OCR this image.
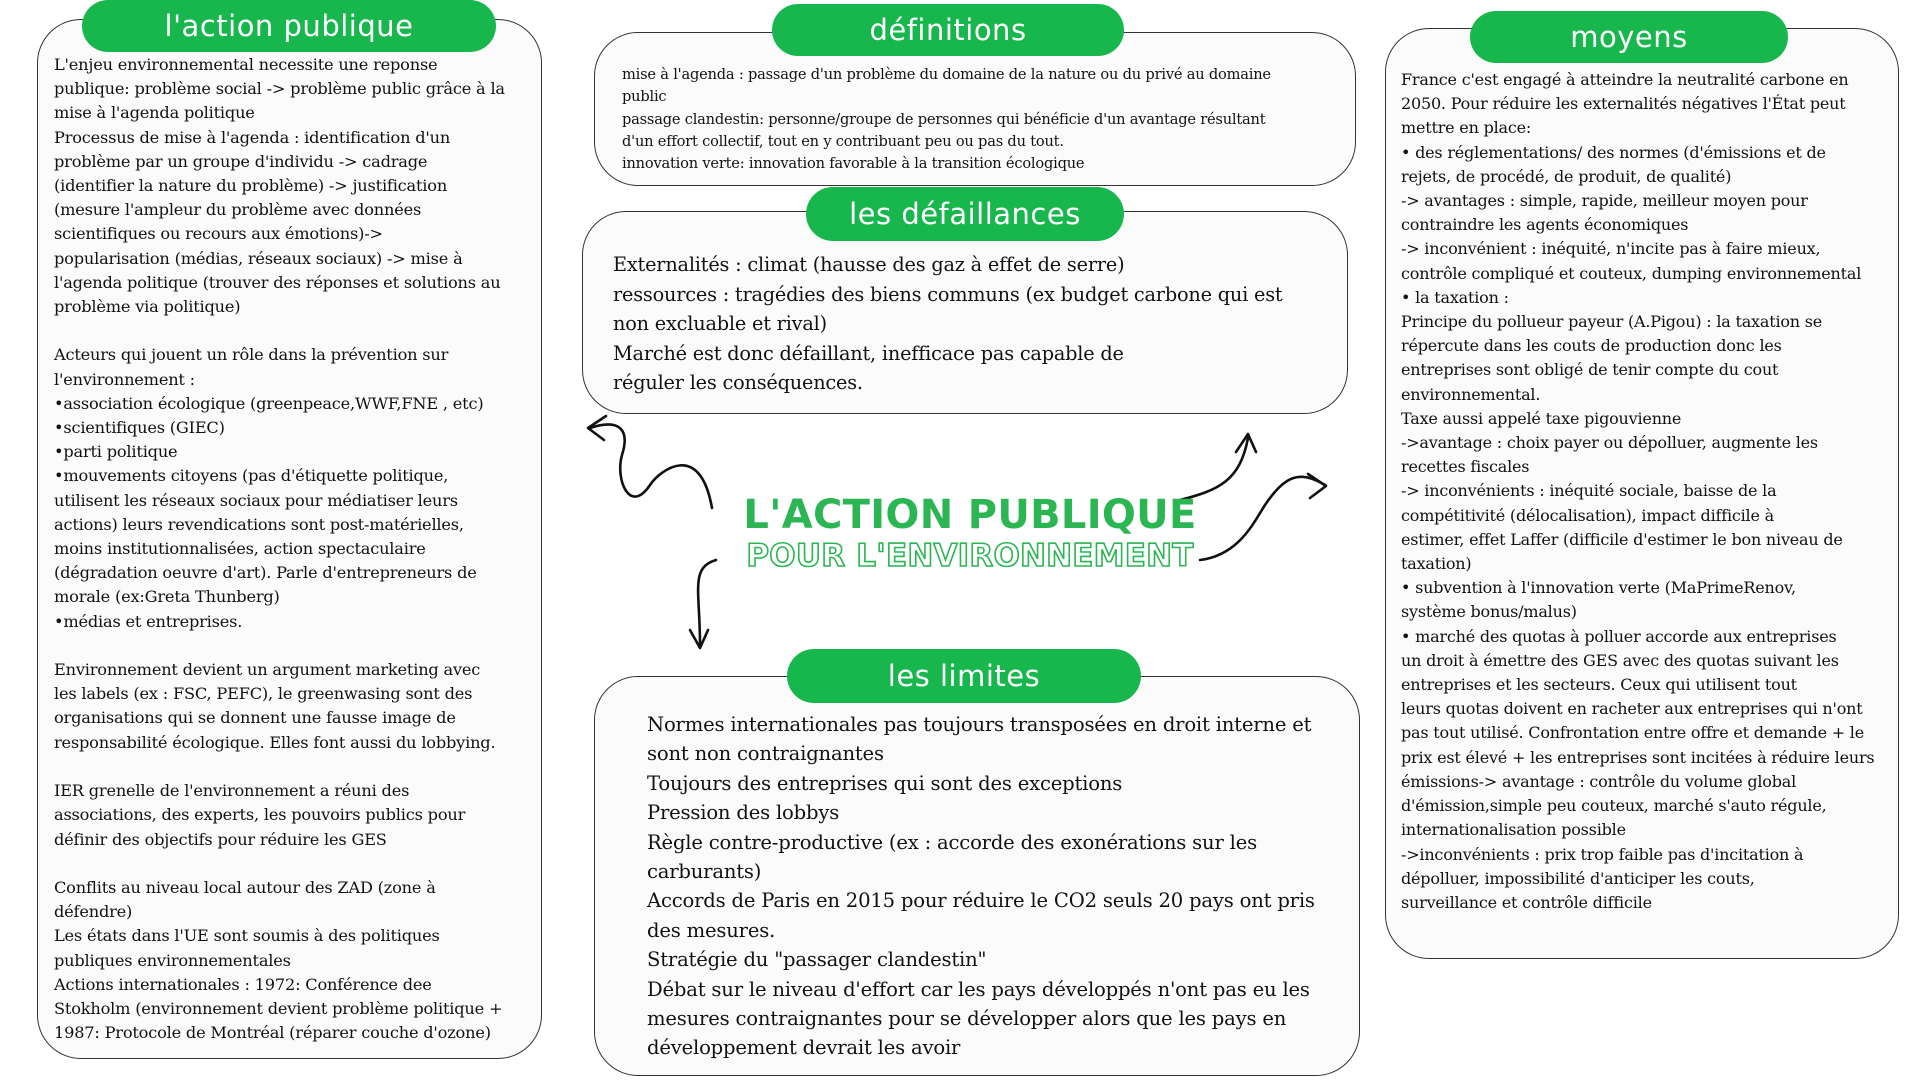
l'action publique
L'enjeu environnemental necessite une reponse
publique: problème social -> problème public grâce à la
mise à l'agenda politique
Processus de mise à l'agenda : identification d'un
problème par un groupe d'individu -> cadrage
(identifier la nature du problème) -> justification
(mesure l'ampleur du problème avec données
scientifiques ou recours aux émotions)->
popularisation (médias, réseaux sociaux) -> mise à
l'agenda politique (trouver des réponses et solutions au
problème via politique)

Acteurs qui jouent un rôle dans la prévention sur
l'environnement :
•association écologique (greenpeace,WWF,FNE , etc)
•scientifiques (GIEC)
•parti politique
•mouvements citoyens (pas d'étiquette politique,
utilisent les réseaux sociaux pour médiatiser leurs
actions) leurs revendications sont post-matérielles,
moins institutionnalisées, action spectaculaire
(dégradation oeuvre d'art). Parle d'entrepreneurs de
morale (ex:Greta Thunberg)
•médias et entreprises.

Environnement devient un argument marketing avec
les labels (ex : FSC, PEFC), le greenwasing sont des
organisations qui se donnent une fausse image de
responsabilité écologique. Elles font aussi du lobbying.

IER grenelle de l'environnement a réuni des
associations, des experts, les pouvoirs publics pour
définir des objectifs pour réduire les GES

Conflits au niveau local autour des ZAD (zone à
défendre)
Les états dans l'UE sont soumis à des politiques
publiques environnementales
Actions internationales : 1972: Conférence dee
Stokholm (environnement devient problème politique +
1987: Protocole de Montréal (réparer couche d'ozone)
définitions
mise à l'agenda : passage d'un problème du domaine de la nature ou du privé au domaine
public
passage clandestin: personne/groupe de personnes qui bénéficie d'un avantage résultant
d'un effort collectif, tout en y contribuant peu ou pas du tout.
innovation verte: innovation favorable à la transition écologique
les défaillances
Externalités : climat (hausse des gaz à effet de serre)
ressources : tragédies des biens communs (ex budget carbone qui est
non excluable et rival)
Marché est donc défaillant, inefficace pas capable de
réguler les conséquences.
les limites
Normes internationales pas toujours transposées en droit interne et
sont non contraignantes
Toujours des entreprises qui sont des exceptions
Pression des lobbys
Règle contre-productive (ex : accorde des exonérations sur les
carburants)
Accords de Paris en 2015 pour réduire le CO2 seuls 20 pays ont pris
des mesures.
Stratégie du "passager clandestin"
Débat sur le niveau d'effort car les pays développés n'ont pas eu les
mesures contraignantes pour se développer alors que les pays en
développement devrait les avoir
moyens
France c'est engagé à atteindre la neutralité carbone en
2050. Pour réduire les externalités négatives l'État peut
mettre en place:
• des réglementations/ des normes (d'émissions et de
rejets, de procédé, de produit, de qualité)
-> avantages : simple, rapide, meilleur moyen pour
contraindre les agents économiques
-> inconvénient : inéquité, n'incite pas à faire mieux,
contrôle compliqué et couteux, dumping environnemental
• la taxation :
Principe du pollueur payeur (A.Pigou) : la taxation se
répercute dans les couts de production donc les
entreprises sont obligé de tenir compte du cout
environnemental.
Taxe aussi appelé taxe pigouvienne
->avantage : choix payer ou dépolluer, augmente les
recettes fiscales
-> inconvénients : inéquité sociale, baisse de la
compétitivité (délocalisation), impact difficile à
estimer, effet Laffer (difficile d'estimer le bon niveau de
taxation)
• subvention à l'innovation verte (MaPrimeRenov,
système bonus/malus)
• marché des quotas à polluer accorde aux entreprises
un droit à émettre des GES avec des quotas suivant les
entreprises et les secteurs. Ceux qui utilisent tout
leurs quotas doivent en racheter aux entreprises qui n'ont
pas tout utilisé. Confrontation entre offre et demande + le
prix est élevé + les entreprises sont incitées à réduire leurs
émissions-> avantage : contrôle du volume global
d'émission,simple peu couteux, marché s'auto régule,
internationalisation possible
->inconvénients : prix trop faible pas d'incitation à
dépolluer, impossibilité d'anticiper les couts,
surveillance et contrôle difficile
L'ACTION PUBLIQUE
POUR L'ENVIRONNEMENT
